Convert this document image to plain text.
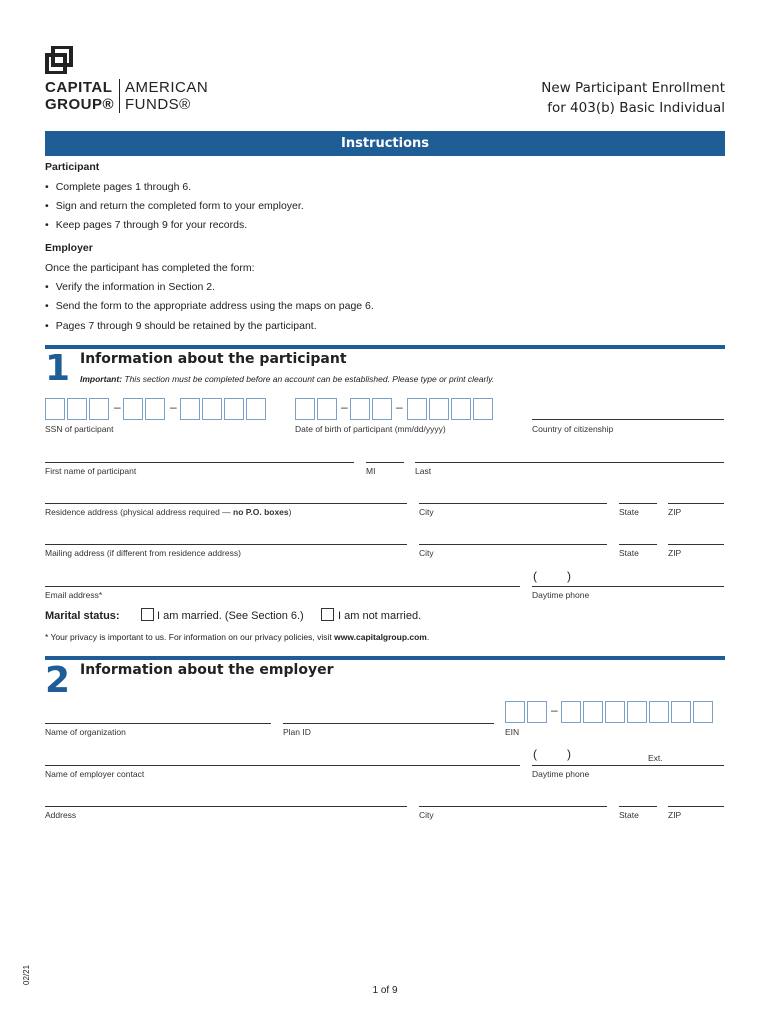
CAPITAL
GROUP®
AMERICAN
FUNDS®
New Participant Enrollment
for 403(b) Basic Individual
Instructions
Participant
• Complete pages 1 through 6.
• Sign and return the completed form to your employer.
• Keep pages 7 through 9 for your records.
Employer
Once the participant has completed the form:
• Verify the information in Section 2.
• Send the form to the appropriate address using the maps on page 6.
• Pages 7 through 9 should be retained by the participant.
1 Information about the participant
Important: This section must be completed before an account can be established. Please type or print clearly.
–	–	–	–
SSN of participant	Date of birth of participant (mm/dd/yyyy)	Country of citizenship
First name of participant	MI	Last
Residence address (physical address required — no P.O. boxes)	City	State	ZIP
Mailing address (if different from residence address)	City	State	ZIP
(	)
Email address*	Daytime phone
Marital status:	I am married. (See Section 6.)	I am not married.
* Your privacy is important to us. For information on our privacy policies, visit www.capitalgroup.com.
2 Information about the employer
–
Name of organization	Plan ID	EIN
(	)	Ext.
Name of employer contact	Daytime phone
Address	City	State	ZIP
1 of 9
02/21
